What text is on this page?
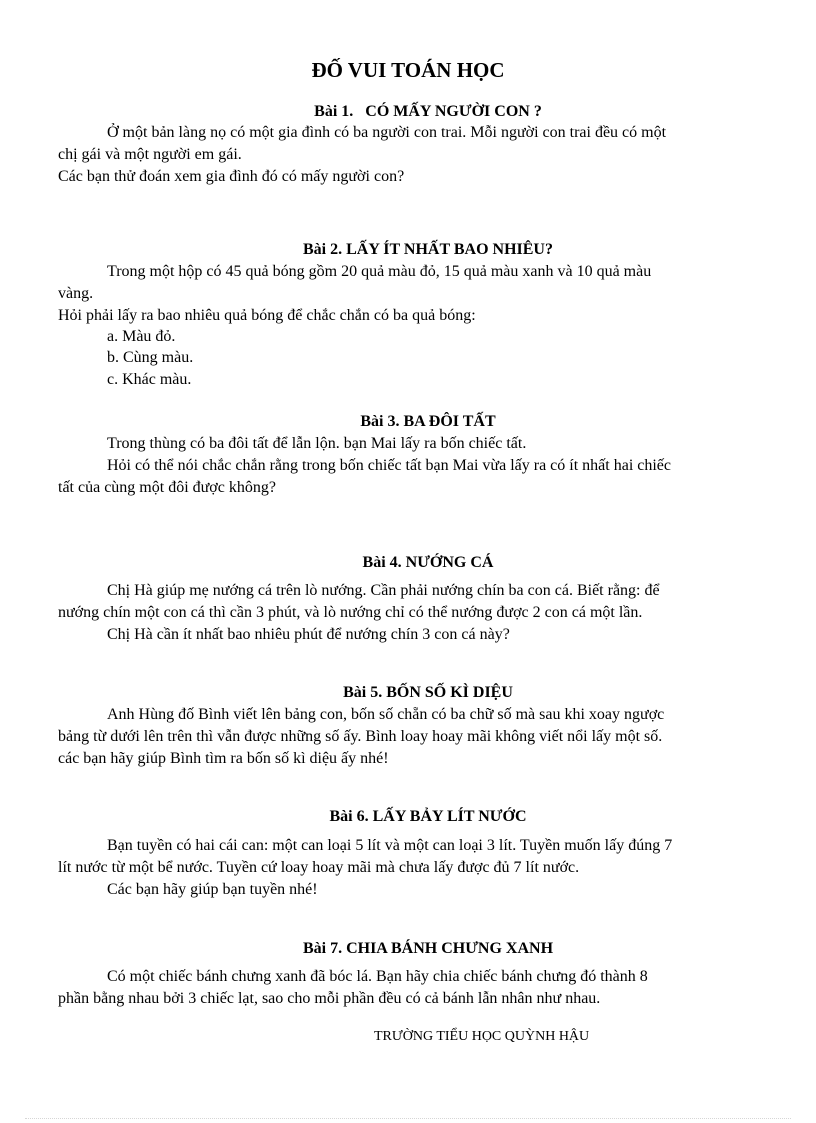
ĐỐ VUI TOÁN HỌC
Bài 1.   CÓ MẤY NGƯỜI CON ?
Ở một bản làng nọ có một gia đình có ba người con trai. Mỗi người con trai đều có một
chị gái và một người em gái.
Các bạn thử đoán xem gia đình đó có mấy người con?
Bài 2. LẤY ÍT NHẤT BAO NHIÊU?
Trong một hộp có 45 quả bóng gồm 20 quả màu đỏ, 15 quả màu xanh và 10 quả màu
vàng.
Hỏi phải lấy ra bao nhiêu quả bóng để chắc chắn có ba quả bóng:
a. Màu đỏ.
b. Cùng màu.
c. Khác màu.
Bài 3. BA ĐÔI TẤT
Trong thùng có ba đôi tất để lẫn lộn. bạn Mai lấy ra bốn chiếc tất.
Hỏi có thể nói chắc chắn rằng trong bốn chiếc tất bạn Mai vừa lấy ra có ít nhất hai chiếc
tất của cùng một đôi được không?
Bài 4. NƯỚNG CÁ
Chị Hà giúp mẹ nướng cá trên lò nướng. Cần phải nướng chín ba con cá. Biết rằng: để
nướng chín một con cá thì cần 3 phút, và lò nướng chỉ có thể nướng được 2 con cá một lần.
Chị Hà cần ít nhất bao nhiêu phút để nướng chín 3 con cá này?
Bài 5. BỐN SỐ KÌ DIỆU
Anh Hùng đố Bình viết lên bảng con, bốn số chẵn có ba chữ số mà sau khi xoay ngược
bảng từ dưới lên trên thì vẫn được những số ấy. Bình loay hoay mãi không viết nổi lấy một số.
các bạn hãy giúp Bình tìm ra bốn số kì diệu ấy nhé!
Bài 6. LẤY BẢY LÍT NƯỚC
Bạn tuyền có hai cái can: một can loại 5 lít và một can loại 3 lít. Tuyền muốn lấy đúng 7
lít nước từ một bể nước. Tuyền cứ loay hoay mãi mà chưa lấy được đủ 7 lít nước.
Các bạn hãy giúp bạn tuyền nhé!
Bài 7. CHIA BÁNH CHƯNG XANH
Có một chiếc bánh chưng xanh đã bóc lá. Bạn hãy chia chiếc bánh chưng đó thành 8
phần bằng nhau bởi 3 chiếc lạt, sao cho mỗi phần đều có cả bánh lẫn nhân như nhau.
TRƯỜNG TIỂU HỌC QUỲNH HẬU
